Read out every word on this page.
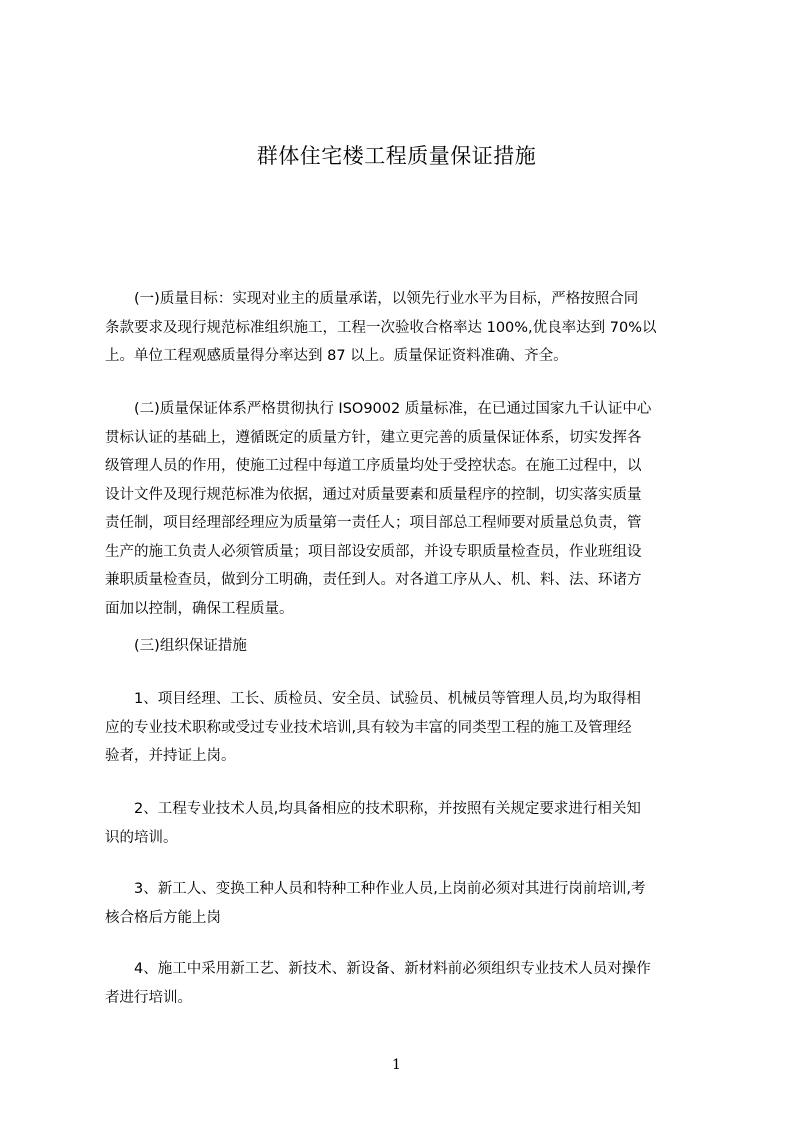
群体住宅楼工程质量保证措施
　　(一)质量目标：实现对业主的质量承诺，以领先行业水平为目标，严格按照合同
条款要求及现行规范标准组织施工，工程一次验收合格率达 100%,优良率达到 70%以
上。单位工程观感质量得分率达到 87 以上。质量保证资料准确、齐全。
　　(二)质量保证体系严格贯彻执行 ISO9002 质量标准，在已通过国家九千认证中心
贯标认证的基础上，遵循既定的质量方针，建立更完善的质量保证体系，切实发挥各
级管理人员的作用，使施工过程中每道工序质量均处于受控状态。在施工过程中，以
设计文件及现行规范标准为依据，通过对质量要素和质量程序的控制，切实落实质量
责任制，项目经理部经理应为质量第一责任人；项目部总工程师要对质量总负责，管
生产的施工负责人必须管质量；项目部设安质部，并设专职质量检查员，作业班组设
兼职质量检查员，做到分工明确，责任到人。对各道工序从人、机、料、法、环诸方
面加以控制，确保工程质量。
　　(三)组织保证措施
　　1、项目经理、工长、质检员、安全员、试验员、机械员等管理人员,均为取得相
应的专业技术职称或受过专业技术培训,具有较为丰富的同类型工程的施工及管理经
验者，并持证上岗。
　　2、工程专业技术人员,均具备相应的技术职称，并按照有关规定要求进行相关知
识的培训。
　　3、新工人、变换工种人员和特种工种作业人员,上岗前必须对其进行岗前培训,考
核合格后方能上岗
　　4、施工中采用新工艺、新技术、新设备、新材料前必须组织专业技术人员对操作
者进行培训。
1
